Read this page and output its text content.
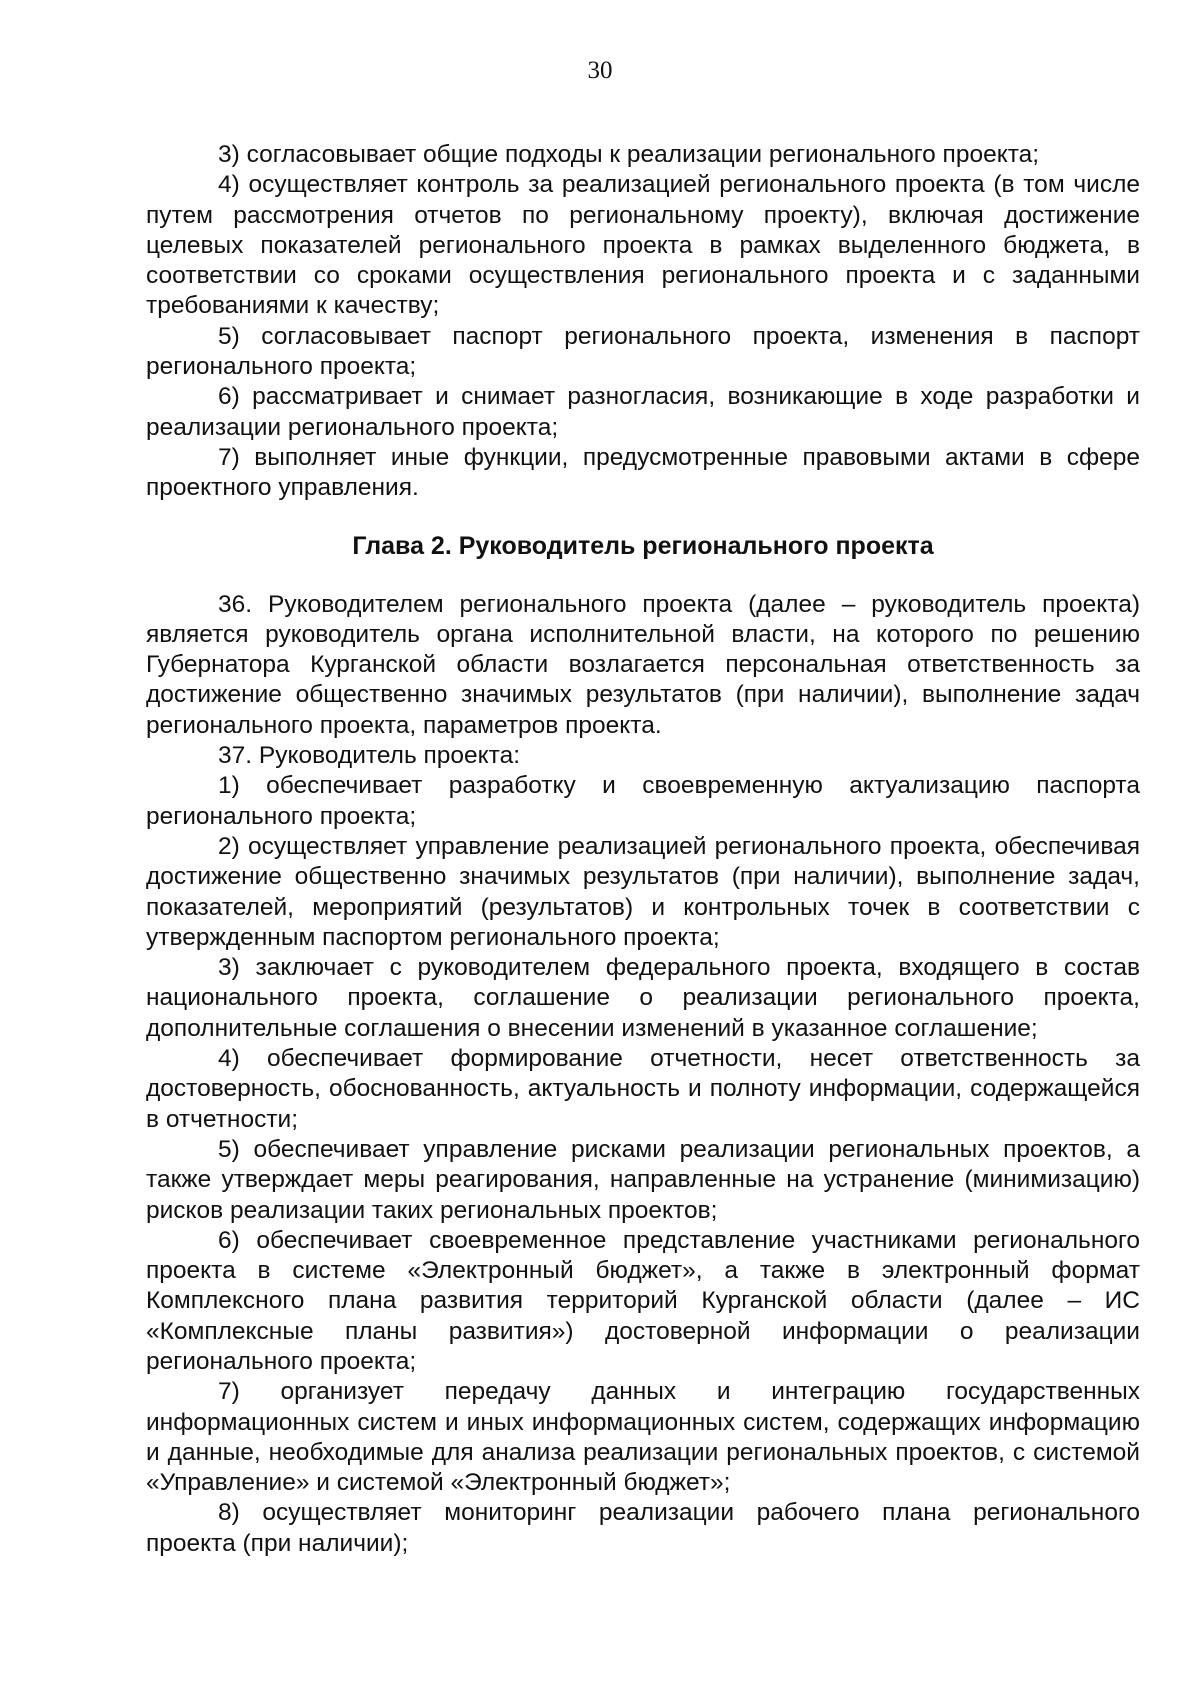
30

3) согласовывает общие подходы к реализации регионального проекта;

4) осуществляет контроль за реализацией регионального проекта (в том числе путем рассмотрения отчетов по региональному проекту), включая достижение целевых показателей регионального проекта в рамках выделенного бюджета, в соответствии со сроками осуществления регионального проекта и с заданными требованиями к качеству;

5) согласовывает паспорт регионального проекта, изменения в паспорт регионального проекта;

6) рассматривает и снимает разногласия, возникающие в ходе разработки и реализации регионального проекта;

7) выполняет иные функции, предусмотренные правовыми актами в сфере проектного управления.

Глава 2. Руководитель регионального проекта

36. Руководителем регионального проекта (далее – руководитель проекта) является руководитель органа исполнительной власти, на которого по решению Губернатора Курганской области возлагается персональная ответственность за достижение общественно значимых результатов (при наличии), выполнение задач регионального проекта, параметров проекта.

37. Руководитель проекта:

1) обеспечивает разработку и своевременную актуализацию паспорта регионального проекта;

2) осуществляет управление реализацией регионального проекта, обеспечивая достижение общественно значимых результатов (при наличии), выполнение задач, показателей, мероприятий (результатов) и контрольных точек в соответствии с утвержденным паспортом регионального проекта;

3) заключает с руководителем федерального проекта, входящего в состав национального проекта, соглашение о реализации регионального проекта, дополнительные соглашения о внесении изменений в указанное соглашение;

4) обеспечивает формирование отчетности, несет ответственность за достоверность, обоснованность, актуальность и полноту информации, содержащейся в отчетности;

5) обеспечивает управление рисками реализации региональных проектов, а также утверждает меры реагирования, направленные на устранение (минимизацию) рисков реализации таких региональных проектов;

6) обеспечивает своевременное представление участниками регионального проекта в системе «Электронный бюджет», а также в электронный формат Комплексного плана развития территорий Курганской области (далее – ИС «Комплексные планы развития») достоверной информации о реализации регионального проекта;

7) организует передачу данных и интеграцию государственных информационных систем и иных информационных систем, содержащих информацию и данные, необходимые для анализа реализации региональных проектов, с системой «Управление» и системой «Электронный бюджет»;

8) осуществляет мониторинг реализации рабочего плана регионального проекта (при наличии);
